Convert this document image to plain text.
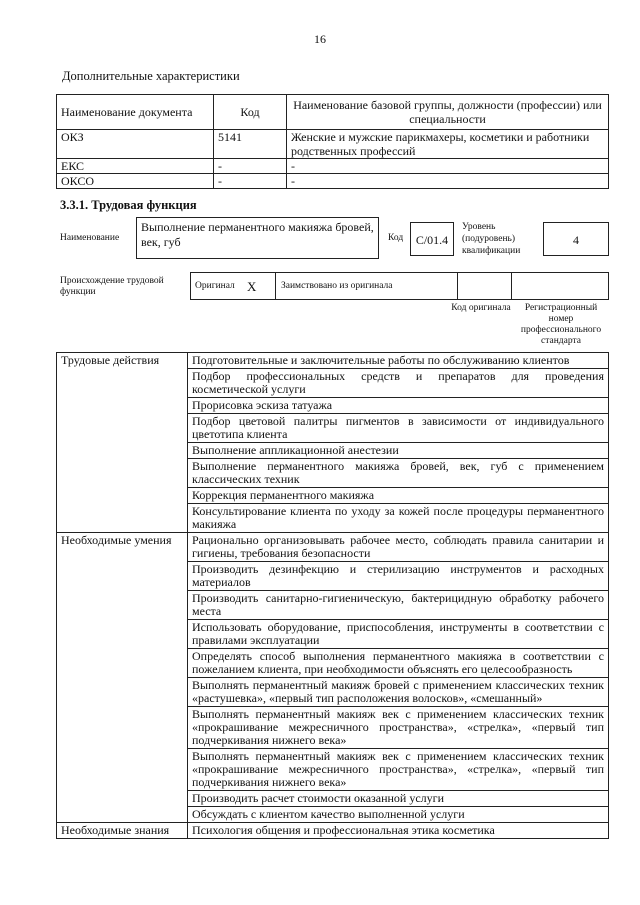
16
Дополнительные характеристики
Наименование документа	Код	Наименование базовой группы, должности (профессии) или специальности
ОКЗ	5141	Женские и мужские парикмахеры, косметики и работники родственных профессий
ЕКС	-	-
ОКСО	-	-
3.3.1. Трудовая функция
Наименование
Выполнение перманентного макияжа бровей, век, губ	Код	С/01.4
Уровень (подуровень) квалификации
4
Происхождение трудовой функции
Оригинал X	Заимствовано из оригинала
Код оригинала	Регистрационный номер профессионального стандарта
Трудовые действия	Подготовительные и заключительные работы по обслуживанию клиентов
	Подбор профессиональных средств и препаратов для проведения косметической услуги
	Прорисовка эскиза татуажа
	Подбор цветовой палитры пигментов в зависимости от индивидуального цветотипа клиента
	Выполнение аппликационной анестезии
	Выполнение перманентного макияжа бровей, век, губ с применением классических техник
	Коррекция перманентного макияжа
	Консультирование клиента по уходу за кожей после процедуры перманентного макияжа
Необходимые умения	Рационально организовывать рабочее место, соблюдать правила санитарии и гигиены, требования безопасности
	Производить дезинфекцию и стерилизацию инструментов и расходных материалов
	Производить санитарно-гигиеническую, бактерицидную обработку рабочего места
	Использовать оборудование, приспособления, инструменты в соответствии с правилами эксплуатации
	Определять способ выполнения перманентного макияжа в соответствии с пожеланием клиента, при необходимости объяснять его целесообразность
	Выполнять перманентный макияж бровей с применением классических техник «растушевка», «первый тип расположения волосков», «смешанный»
	Выполнять перманентный макияж век с применением классических техник «прокрашивание межресничного пространства», «стрелка», «первый тип подчеркивания нижнего века»
	Выполнять перманентный макияж век с применением классических техник «прокрашивание межресничного пространства», «стрелка», «первый тип подчеркивания нижнего века»
	Производить расчет стоимости оказанной услуги
	Обсуждать с клиентом качество выполненной услуги
Необходимые знания	Психология общения и профессиональная этика косметика
